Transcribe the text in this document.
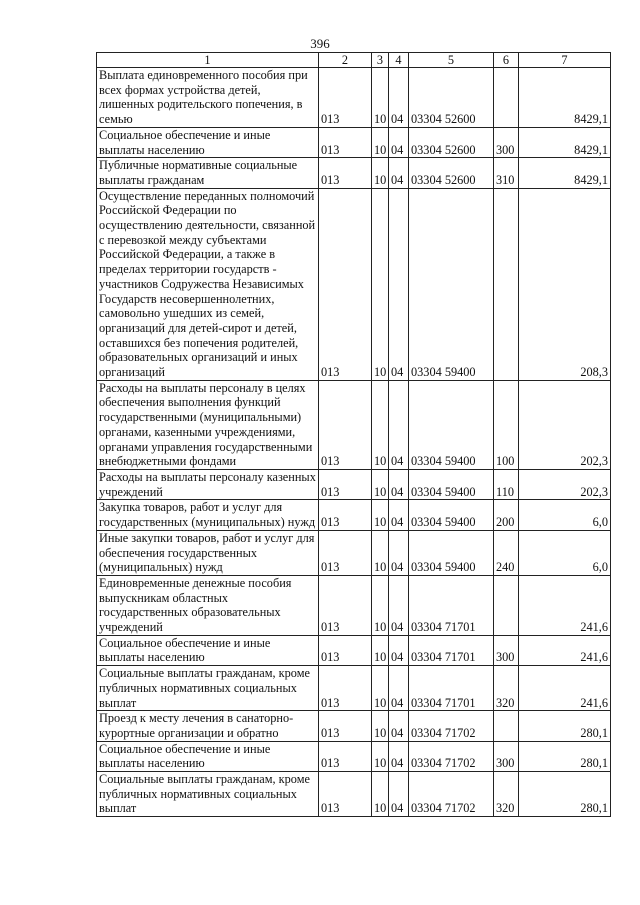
396
1	2	3	4	5	6	7
Выплата единовременного пособия при всех формах устройства детей, лишенных родительского попечения, в семью	013	10	04	03304 52600		8429,1
Социальное обеспечение и иные выплаты населению	013	10	04	03304 52600	300	8429,1
Публичные нормативные социальные выплаты гражданам	013	10	04	03304 52600	310	8429,1
Осуществление переданных полномочий Российской Федерации по осуществлению деятельности, связанной с перевозкой между субъектами Российской Федерации, а также в пределах территории государств - участников Содружества Независимых Государств несовершеннолетних, самовольно ушедших из семей, организаций для детей-сирот и детей, оставшихся без попечения родителей, образовательных организаций и иных организаций	013	10	04	03304 59400		208,3
Расходы на выплаты персоналу в целях обеспечения выполнения функций государственными (муниципальными) органами, казенными учреждениями, органами управления государственными внебюджетными фондами	013	10	04	03304 59400	100	202,3
Расходы на выплаты персоналу казенных учреждений	013	10	04	03304 59400	110	202,3
Закупка товаров, работ и услуг для государственных (муниципальных) нужд	013	10	04	03304 59400	200	6,0
Иные закупки товаров, работ и услуг для обеспечения государственных (муниципальных) нужд	013	10	04	03304 59400	240	6,0
Единовременные денежные пособия выпускникам областных государственных образовательных учреждений	013	10	04	03304 71701		241,6
Социальное обеспечение и иные выплаты населению	013	10	04	03304 71701	300	241,6
Социальные выплаты гражданам, кроме публичных нормативных социальных выплат	013	10	04	03304 71701	320	241,6
Проезд к месту лечения в санаторно-курортные организации и обратно	013	10	04	03304 71702		280,1
Социальное обеспечение и иные выплаты населению	013	10	04	03304 71702	300	280,1
Социальные выплаты гражданам, кроме публичных нормативных социальных выплат	013	10	04	03304 71702	320	280,1
